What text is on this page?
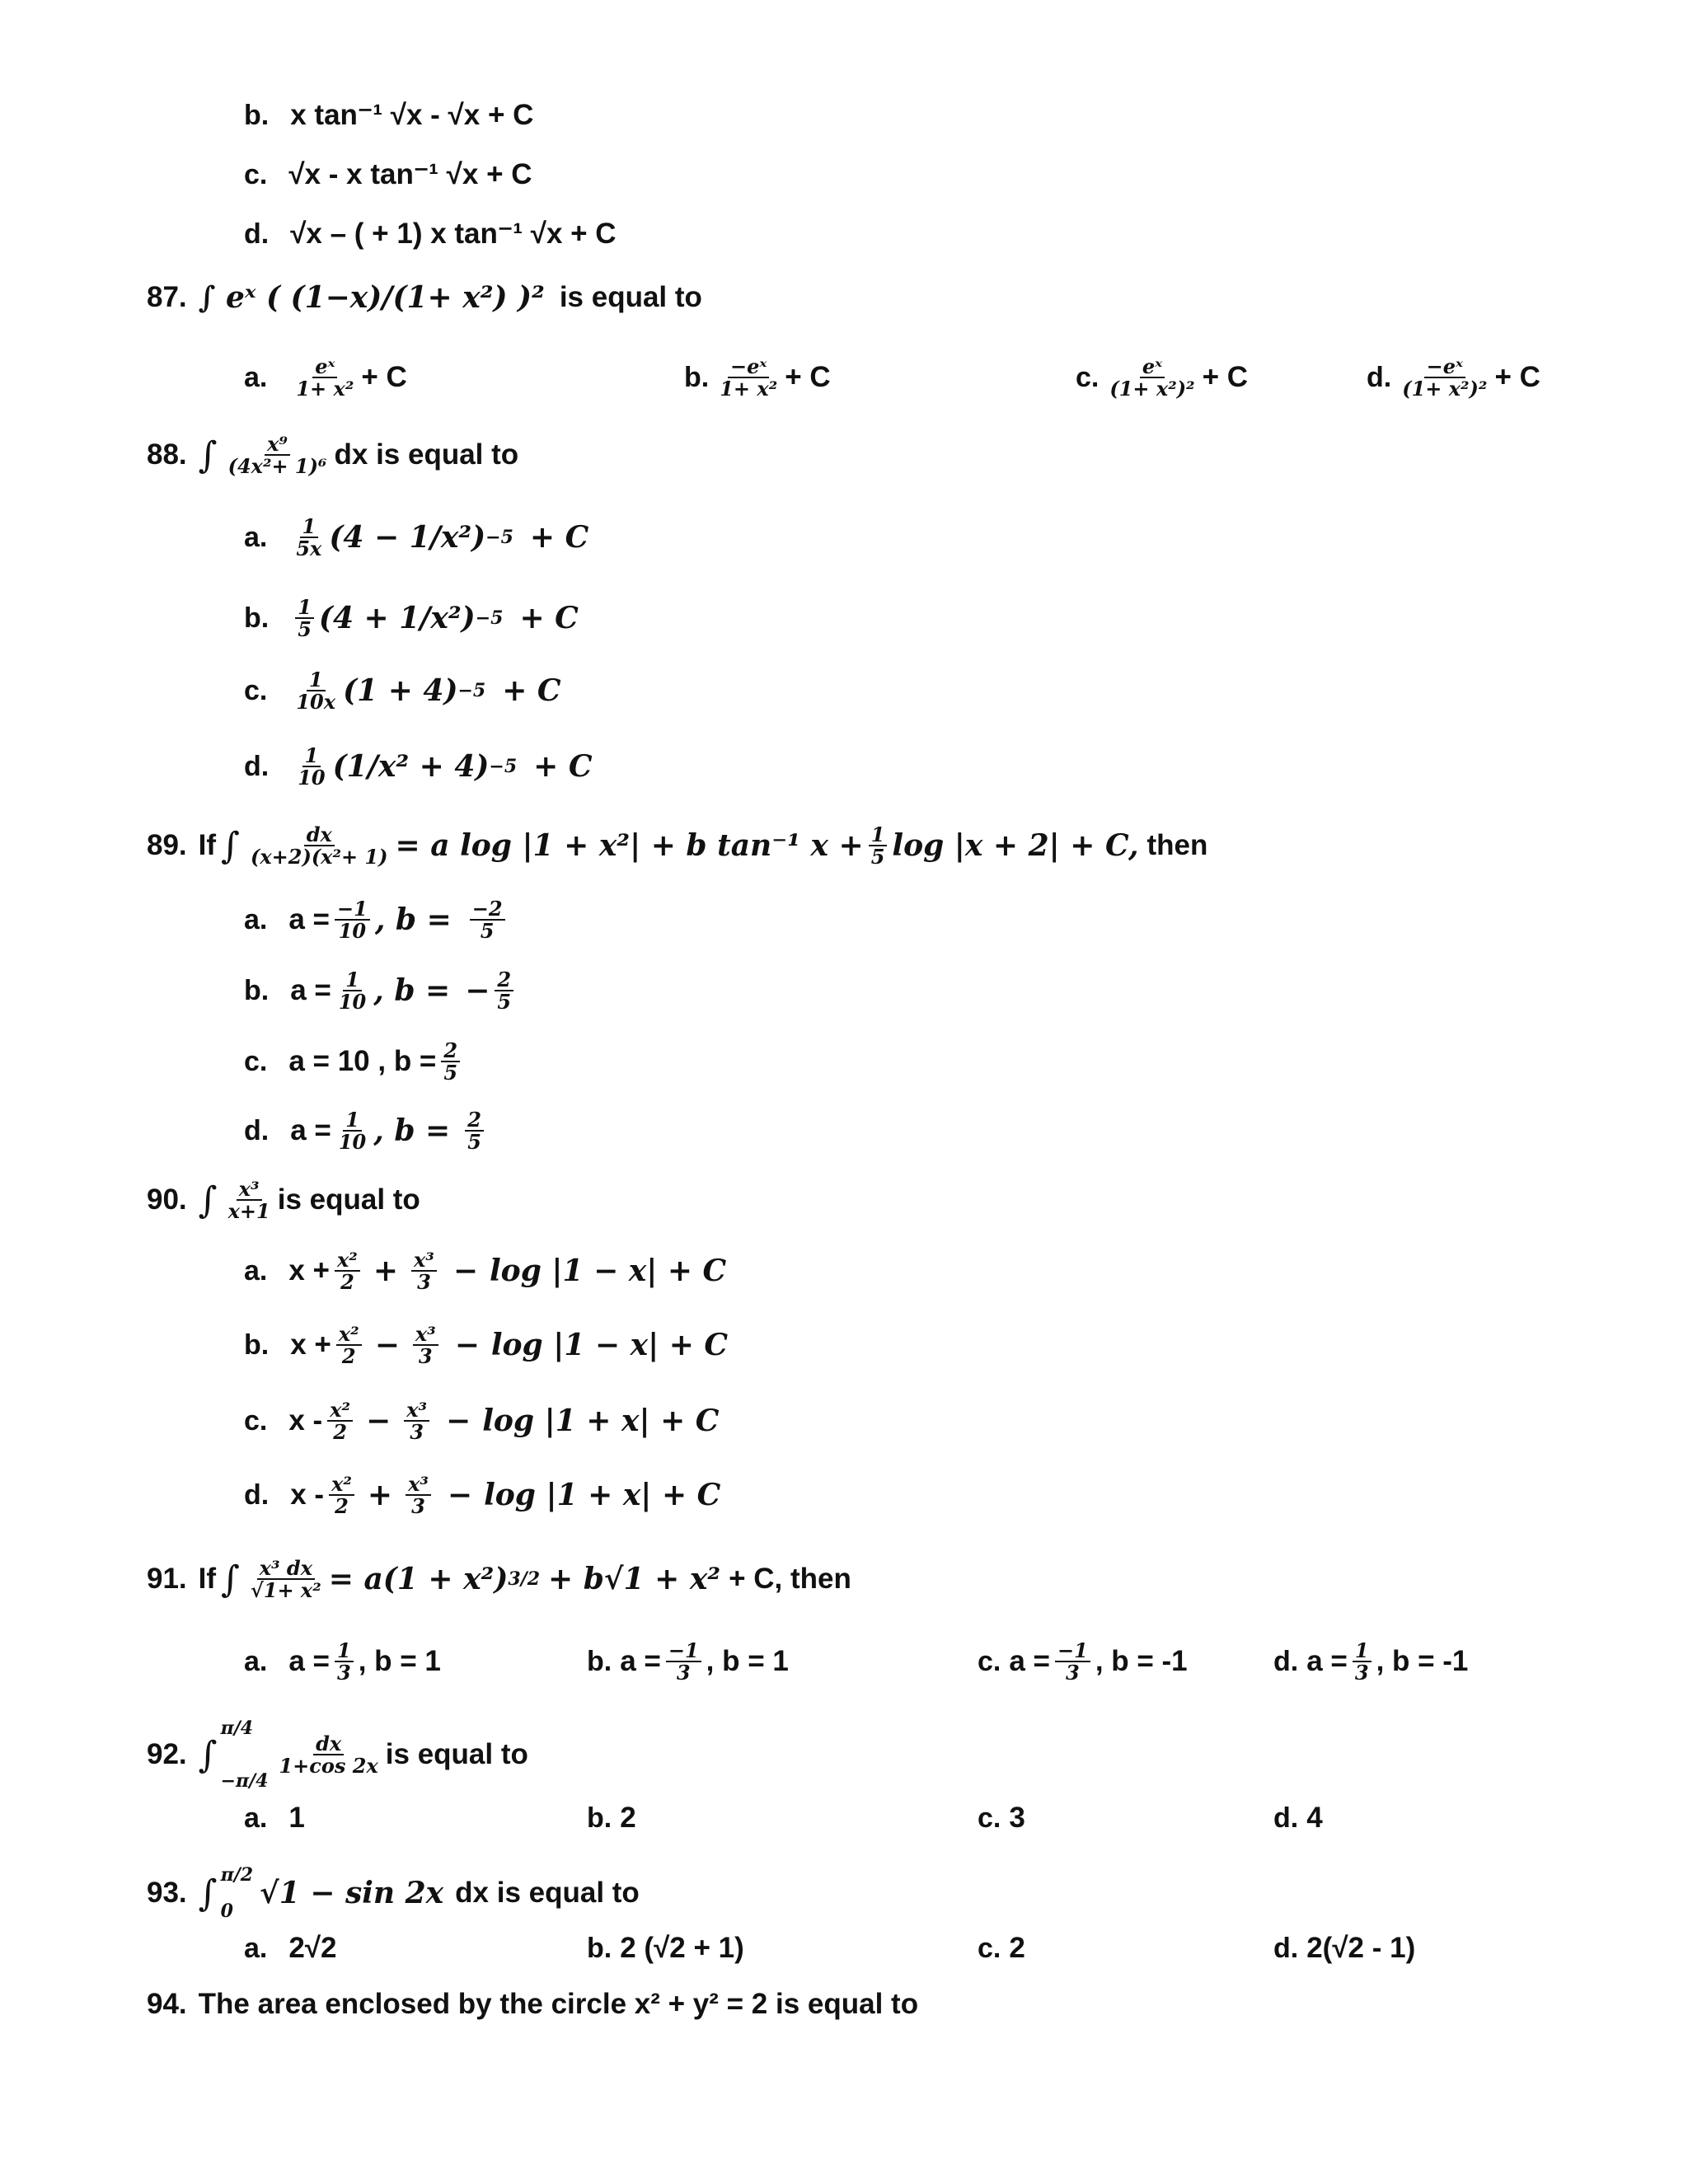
b. x tan⁻¹ √x - √x + C
c. √x - x tan⁻¹ √x + C
d. √x – ( + 1) x tan⁻¹ √x + C
87. ∫ eˣ ( (1−x)/(1+ x²) )² is equal to
a. $\frac{\text{eˣ}}{\text{1+ x²}} + C$	b. $\frac{\text{−eˣ}}{\text{1+ x²}} + C$	c. $\frac{\text{eˣ}}{\text{(1+ x²)²}} + C$	d. $\frac{\text{−eˣ}}{\text{(1+ x²)²}} + C$
88. ∫ $\frac{\text{x⁹}}{\text{(4x²+ 1)⁶}}$ dx is equal to
a. $\frac{1}{5x} (4 - 1/x^2) -5 + C$
b. $\frac{1}{5} (4 + 1/x^2) -5 + C$
c. $\frac{1}{10x} (1 + 4) -5 + C$
d. $\frac{1}{10} (1/x^2 + 4) -5 + C$
89. If ∫ $\frac{dx}{\text{(x+2)(x²+ 1)}} = a$ log |1 + x²| + b tan⁻¹ $x + \frac{1}{5}$ log |x + 2| + C, then
a. $a = \frac{-1}{10}$ , $b = \frac{-2}{5}$
b. $a = \frac{1}{10}$ , b = − $\frac{2}{5}$
c. a = 10 , $b = \frac{2}{5}$
d. $a = \frac{1}{10}$ , $b = \frac{2}{5}$
90. ∫ $\frac{\text{x³}}{x+1}$ is equal to
a. $x + \frac{\text{x²}}{2} + \frac{\text{x³}}{3} - \log |1 - x| + C$
b. $x + \frac{\text{x²}}{2} - \frac{\text{x³}}{3} - \log |1 - x| + C$
c. $x - \frac{\text{x²}}{2} - \frac{\text{x³}}{3} - \log |1 + x| + C$
d. $x - \frac{\text{x²}}{2} + \frac{\text{x³}}{3} - \log |1 + x| + C$
91. If ∫ $\frac{\text{x³ dx}}{\text{√1+ x²}} = a(1 + x^2) 3/2 + b√1 + x^2 + C$, then
a. $a = \frac{1}{3}$ , b = 1	b. $a = \frac{-1}{3}$ , b = 1	c. $a = \frac{-1}{3}$ , b = -1	d. $a = \frac{1}{3}$ , b = -1
92. ∫
π/4
−π/4
$\frac{dx}{1+\cos 2x}$ is equal to
a. 1	b. 2	c. 3	d. 4
93. ∫ π/2
0
√1 − sin 2x dx is equal to
a. 2√2	b. 2 (√2 + 1)	c. 2	d. 2(√2 - 1)
94. The area enclosed by the circle x² + y² = 2 is equal to
